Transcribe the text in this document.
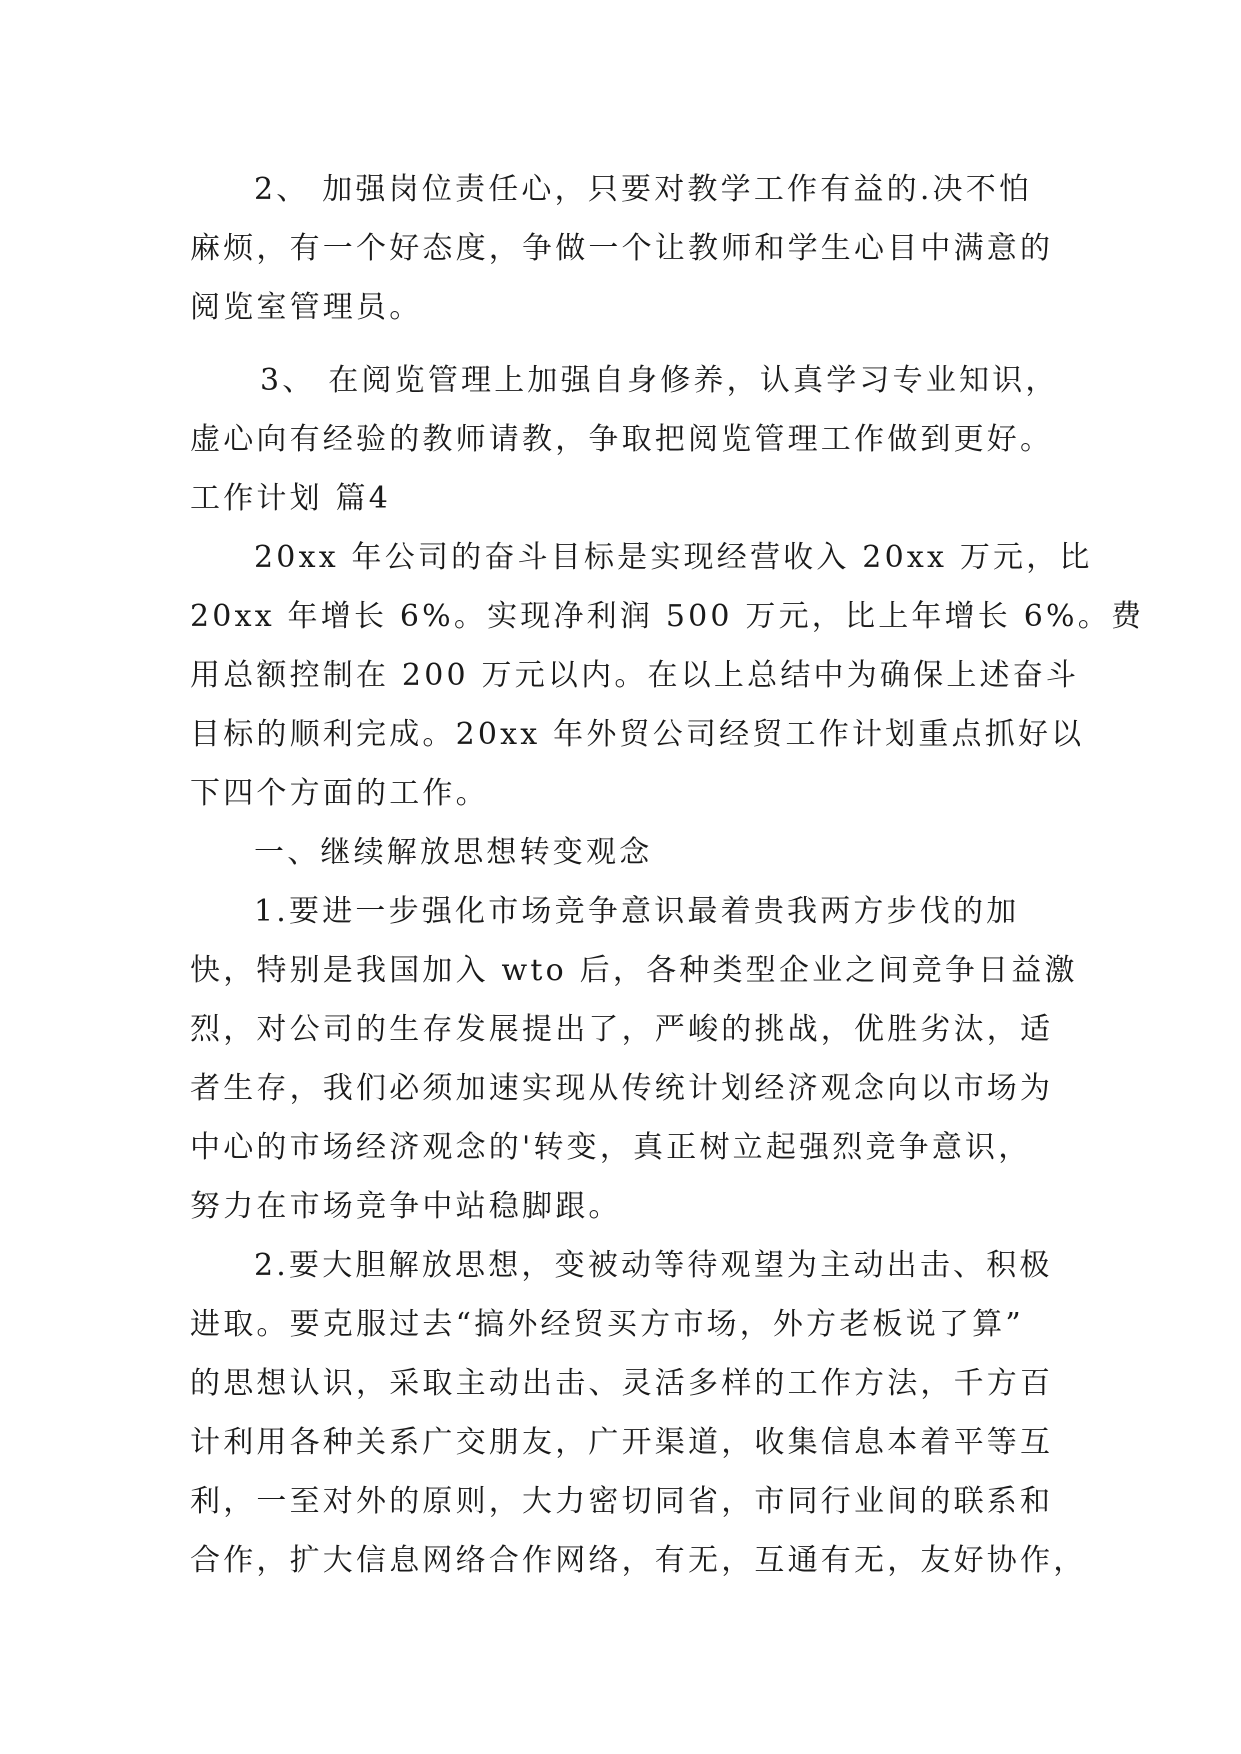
2、 加强岗位责任心，只要对教学工作有益的.决不怕
麻烦，有一个好态度，争做一个让教师和学生心目中满意的
阅览室管理员。
3、 在阅览管理上加强自身修养，认真学习专业知识，
虚心向有经验的教师请教，争取把阅览管理工作做到更好。
工作计划 篇4
20xx 年公司的奋斗目标是实现经营收入 20xx 万元，比
20xx 年增长 6%。实现净利润 500 万元，比上年增长 6%。费
用总额控制在 200 万元以内。在以上总结中为确保上述奋斗
目标的顺利完成。20xx 年外贸公司经贸工作计划重点抓好以
下四个方面的工作。
一、继续解放思想转变观念
1.要进一步强化市场竞争意识最着贵我两方步伐的加
快，特别是我国加入 wto 后，各种类型企业之间竞争日益激
烈，对公司的生存发展提出了，严峻的挑战，优胜劣汰，适
者生存，我们必须加速实现从传统计划经济观念向以市场为
中心的市场经济观念的'转变，真正树立起强烈竞争意识，
努力在市场竞争中站稳脚跟。
2.要大胆解放思想，变被动等待观望为主动出击、积极
进取。要克服过去“搞外经贸买方市场，外方老板说了算”
的思想认识，采取主动出击、灵活多样的工作方法，千方百
计利用各种关系广交朋友，广开渠道，收集信息本着平等互
利，一至对外的原则，大力密切同省，市同行业间的联系和
合作，扩大信息网络合作网络，有无，互通有无，友好协作，
